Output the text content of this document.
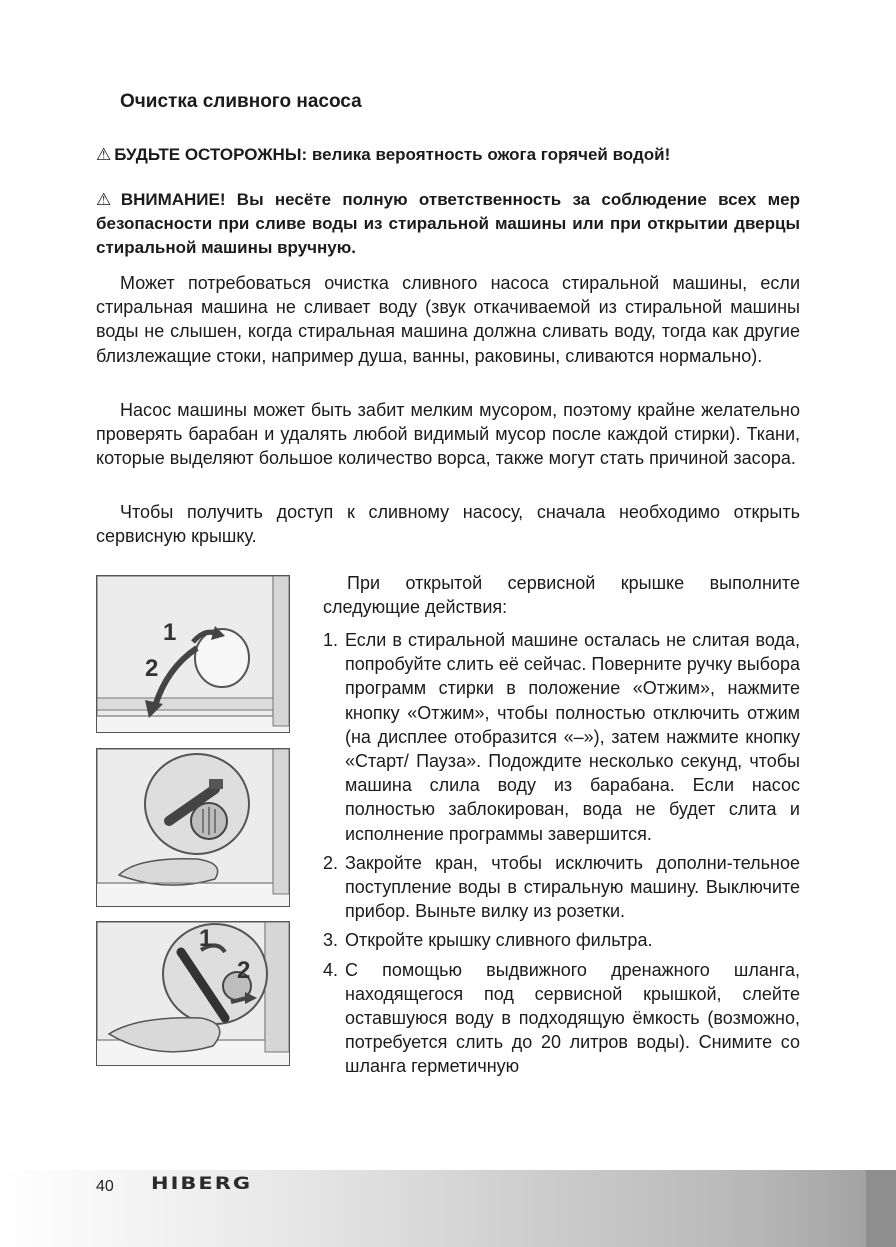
Очистка сливного насоса

⚠ БУДЬТЕ ОСТОРОЖНЫ: велика вероятность ожога горячей водой!

⚠ ВНИМАНИЕ! Вы несёте полную ответственность за соблюдение всех мер безопасности при сливе воды из стиральной машины или при открытии дверцы стиральной машины вручную.

Может потребоваться очистка сливного насоса стиральной машины, если стиральная машина не сливает воду (звук откачиваемой из стиральной машины воды не слышен, когда стиральная машина должна сливать воду, тогда как другие близлежащие стоки, например душа, ванны, раковины, сливаются нормально).

Насос машины может быть забит мелким мусором, поэтому крайне желательно проверять барабан и удалять любой видимый мусор после каждой стирки). Ткани, которые выделяют большое количество ворса, также могут стать причиной засора.

Чтобы получить доступ к сливному насосу, сначала необходимо открыть сервисную крышку.

1
2
1
2

При открытой сервисной крышке выполните следующие действия:

1. Если в стиральной машине осталась не слитая вода, попробуйте слить её сейчас. Поверните ручку выбора программ стирки в положение «Отжим», нажмите кнопку «Отжим», чтобы полностью отключить отжим (на дисплее отобразится «–»), затем нажмите кнопку «Старт/ Пауза». Подождите несколько секунд, чтобы машина слила воду из барабана. Если насос полностью заблокирован, вода не будет слита и исполнение программы завершится.
2. Закройте кран, чтобы исключить дополни-тельное поступление воды в стиральную машину. Выключите прибор. Выньте вилку из розетки.
3. Откройте крышку сливного фильтра.
4. С помощью выдвижного дренажного шланга, находящегося под сервисной крышкой, слейте оставшуюся воду в подходящую ёмкость (возможно, потребуется слить до 20 литров воды). Снимите со шланга герметичную
40 HIBERG
